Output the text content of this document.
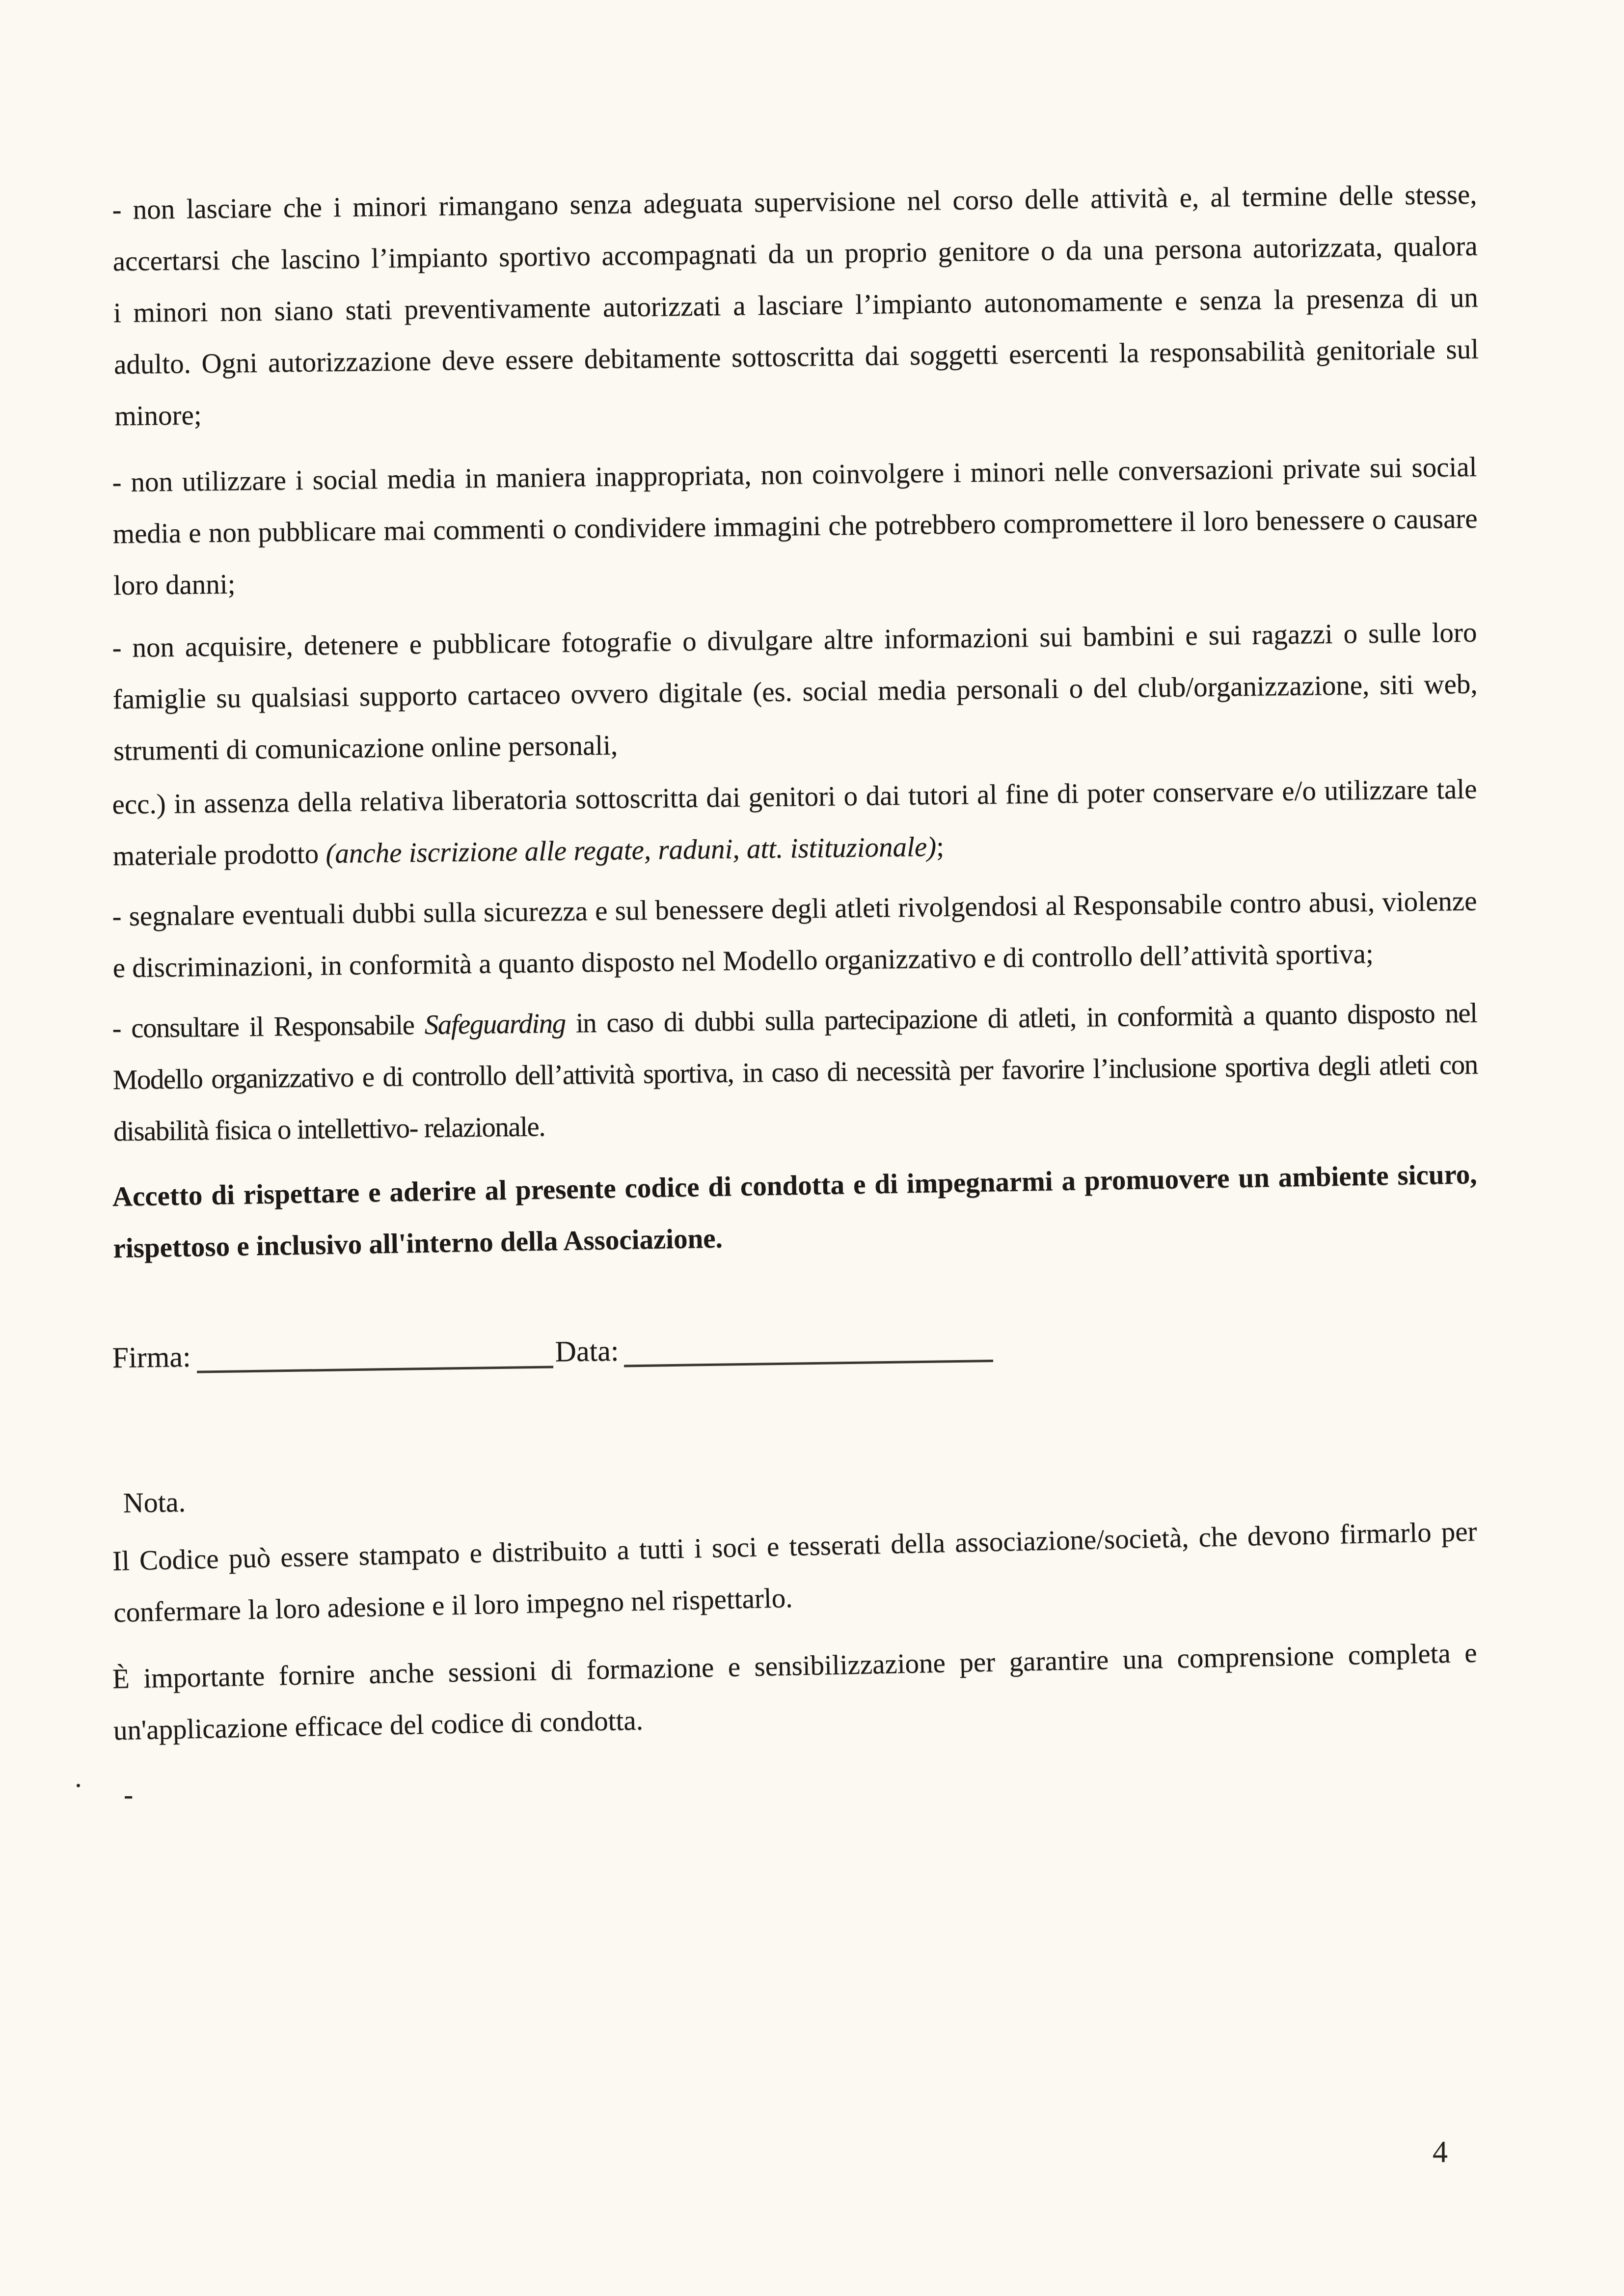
- non lasciare che i minori rimangano senza adeguata supervisione nel corso delle attività e, al termine delle stesse, accertarsi che lascino l’impianto sportivo accompagnati da un proprio genitore o da una persona autorizzata, qualora i minori non siano stati preventivamente autorizzati a lasciare l’impianto autonomamente e senza la presenza di un adulto. Ogni autorizzazione deve essere debitamente sottoscritta dai soggetti esercenti la responsabilità genitoriale sul minore;

- non utilizzare i social media in maniera inappropriata, non coinvolgere i minori nelle conversazioni private sui social media e non pubblicare mai commenti o condividere immagini che potrebbero compromettere il loro benessere o causare loro danni;

- non acquisire, detenere e pubblicare fotografie o divulgare altre informazioni sui bambini e sui ragazzi o sulle loro famiglie su qualsiasi supporto cartaceo ovvero digitale (es. social media personali o del club/organizzazione, siti web, strumenti di comunicazione online personali,

ecc.) in assenza della relativa liberatoria sottoscritta dai genitori o dai tutori al fine di poter conservare e/o utilizzare tale materiale prodotto (anche iscrizione alle regate, raduni, att. istituzionale);

- segnalare eventuali dubbi sulla sicurezza e sul benessere degli atleti rivolgendosi al Responsabile contro abusi, violenze e discriminazioni, in conformità a quanto disposto nel Modello organizzativo e di controllo dell’attività sportiva;

- consultare il Responsabile Safeguarding in caso di dubbi sulla partecipazione di atleti, in conformità a quanto disposto nel Modello organizzativo e di controllo dell’attività sportiva, in caso di necessità per favorire l’inclusione sportiva degli atleti con disabilità fisica o intellettivo- relazionale.

Accetto di rispettare e aderire al presente codice di condotta e di impegnarmi a promuovere un ambiente sicuro, rispettoso e inclusivo all'interno della Associazione.

Firma:	Data:

Nota.

Il Codice può essere stampato e distribuito a tutti i soci e tesserati della associazione/società, che devono firmarlo per confermare la loro adesione e il loro impegno nel rispettarlo.

È importante fornire anche sessioni di formazione e sensibilizzazione per garantire una comprensione completa e un'applicazione efficace del codice di condotta.

-

.
4
